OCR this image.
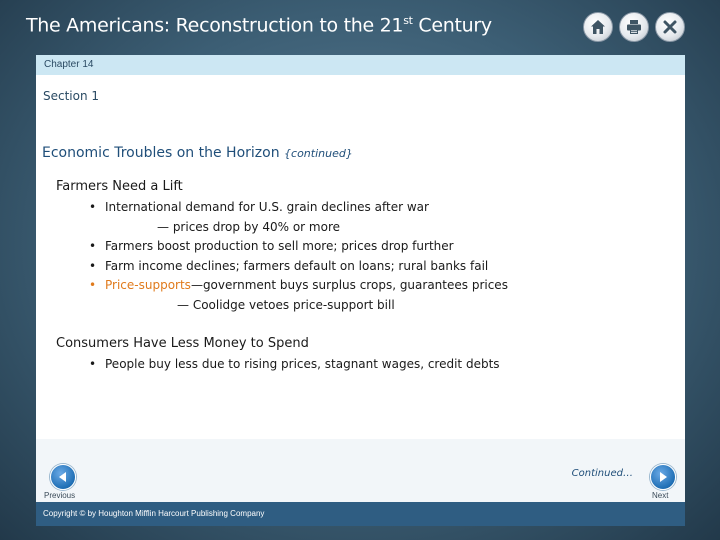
The Americans: Reconstruction to the 21st Century
Chapter 14
Section 1
Economic Troubles on the Horizon {continued}
Farmers Need a Lift
• International demand for U.S. grain declines after war
— prices drop by 40% or more
• Farmers boost production to sell more; prices drop further
• Farm income declines; farmers default on loans; rural banks fail
• Price-supports—government buys surplus crops, guarantees prices
— Coolidge vetoes price-support bill
Consumers Have Less Money to Spend
• People buy less due to rising prices, stagnant wages, credit debts
Previous
Continued…
Next
Copyright © by Houghton Mifflin Harcourt Publishing Company
